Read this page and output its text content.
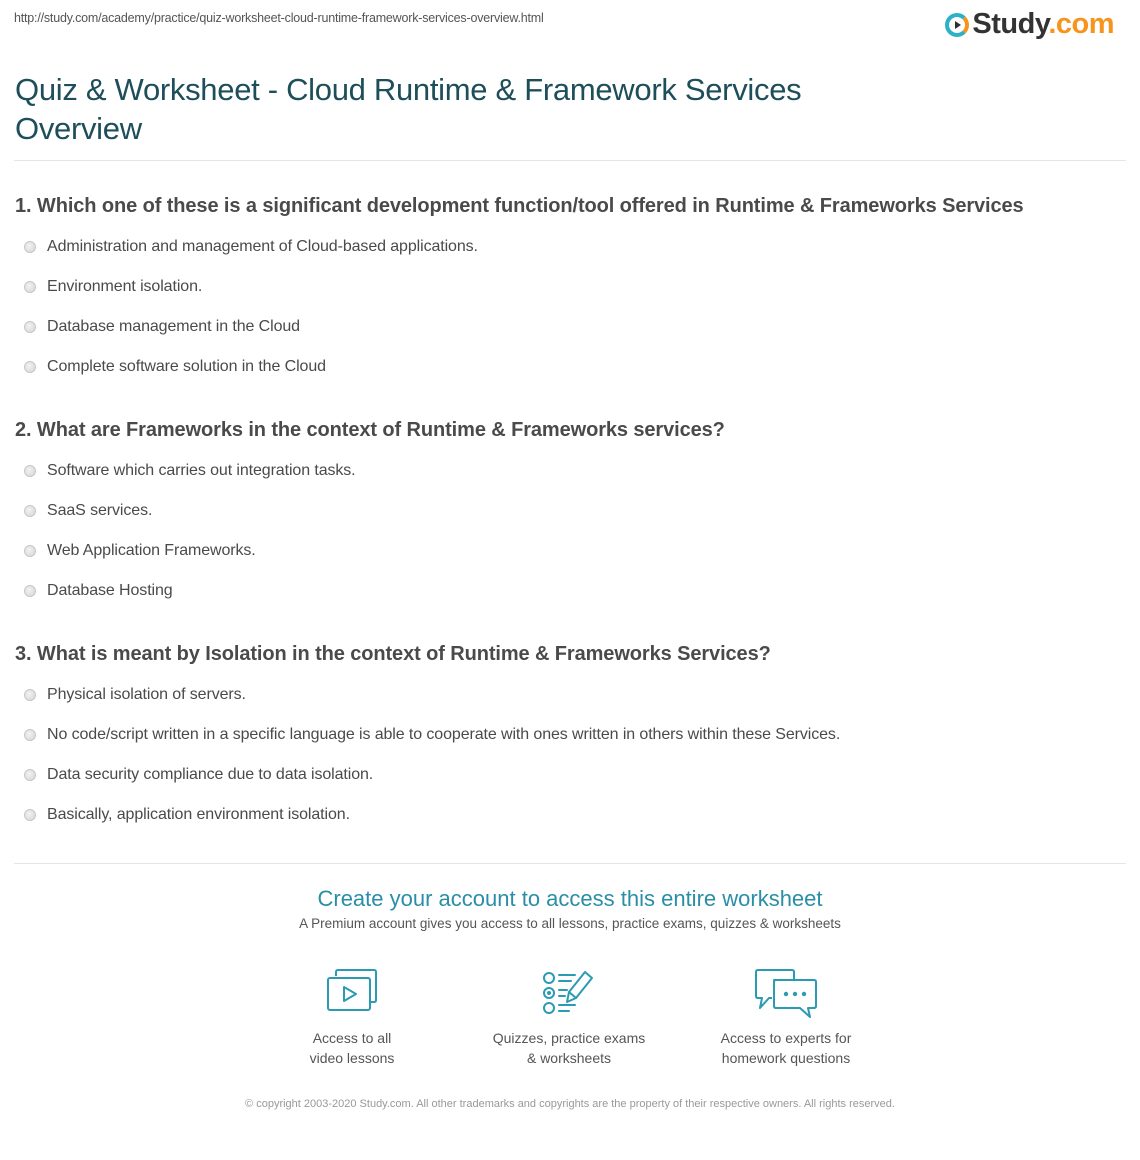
http://study.com/academy/practice/quiz-worksheet-cloud-runtime-framework-services-overview.html	Study.com
Quiz & Worksheet - Cloud Runtime & Framework Services Overview
1. Which one of these is a significant development function/tool offered in Runtime & Frameworks Services
Administration and management of Cloud-based applications.
Environment isolation.
Database management in the Cloud
Complete software solution in the Cloud
2. What are Frameworks in the context of Runtime & Frameworks services?
Software which carries out integration tasks.
SaaS services.
Web Application Frameworks.
Database Hosting
3. What is meant by Isolation in the context of Runtime & Frameworks Services?
Physical isolation of servers.
No code/script written in a specific language is able to cooperate with ones written in others within these Services.
Data security compliance due to data isolation.
Basically, application environment isolation.
Create your account to access this entire worksheet
A Premium account gives you access to all lessons, practice exams, quizzes & worksheets
Access to all
video lessons
Quizzes, practice exams
& worksheets
Access to experts for
homework questions
© copyright 2003-2020 Study.com. All other trademarks and copyrights are the property of their respective owners. All rights reserved.
